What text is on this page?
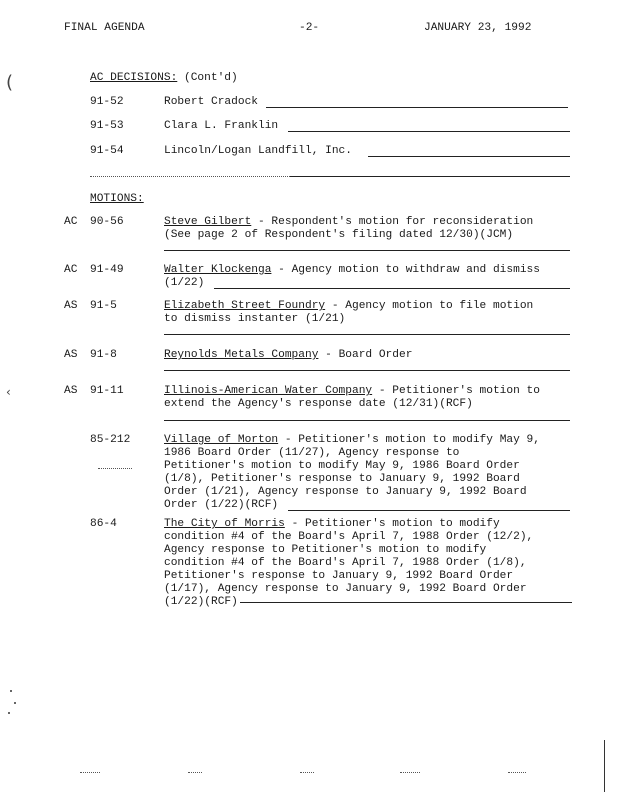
FINAL AGENDA	-2-	JANUARY 23, 1992
(
‹
AC DECISIONS: (Cont'd)
91-52	Robert Cradock
91-53	Clara L. Franklin
91-54	Lincoln/Logan Landfill, Inc.
MOTIONS:
AC 90-56	Steve Gilbert - Respondent's motion for reconsideration
(See page 2 of Respondent's filing dated 12/30)(JCM)
AC 91-49	Walter Klockenga - Agency motion to withdraw and dismiss
(1/22)
AS 91-5	Elizabeth Street Foundry - Agency motion to file motion
to dismiss instanter (1/21)
AS 91-8	Reynolds Metals Company - Board Order
AS 91-11	Illinois-American Water Company - Petitioner's motion to
extend the Agency's response date (12/31)(RCF)
85-212	Village of Morton - Petitioner's motion to modify May 9,
1986 Board Order (11/27), Agency response to
Petitioner's motion to modify May 9, 1986 Board Order
(1/8), Petitioner's response to January 9, 1992 Board
Order (1/21), Agency response to January 9, 1992 Board
Order (1/22)(RCF)
86-4	The City of Morris - Petitioner's motion to modify
condition #4 of the Board's April 7, 1988 Order (12/2),
Agency response to Petitioner's motion to modify
condition #4 of the Board's April 7, 1988 Order (1/8),
Petitioner's response to January 9, 1992 Board Order
(1/17), Agency response to January 9, 1992 Board Order
(1/22)(RCF)
